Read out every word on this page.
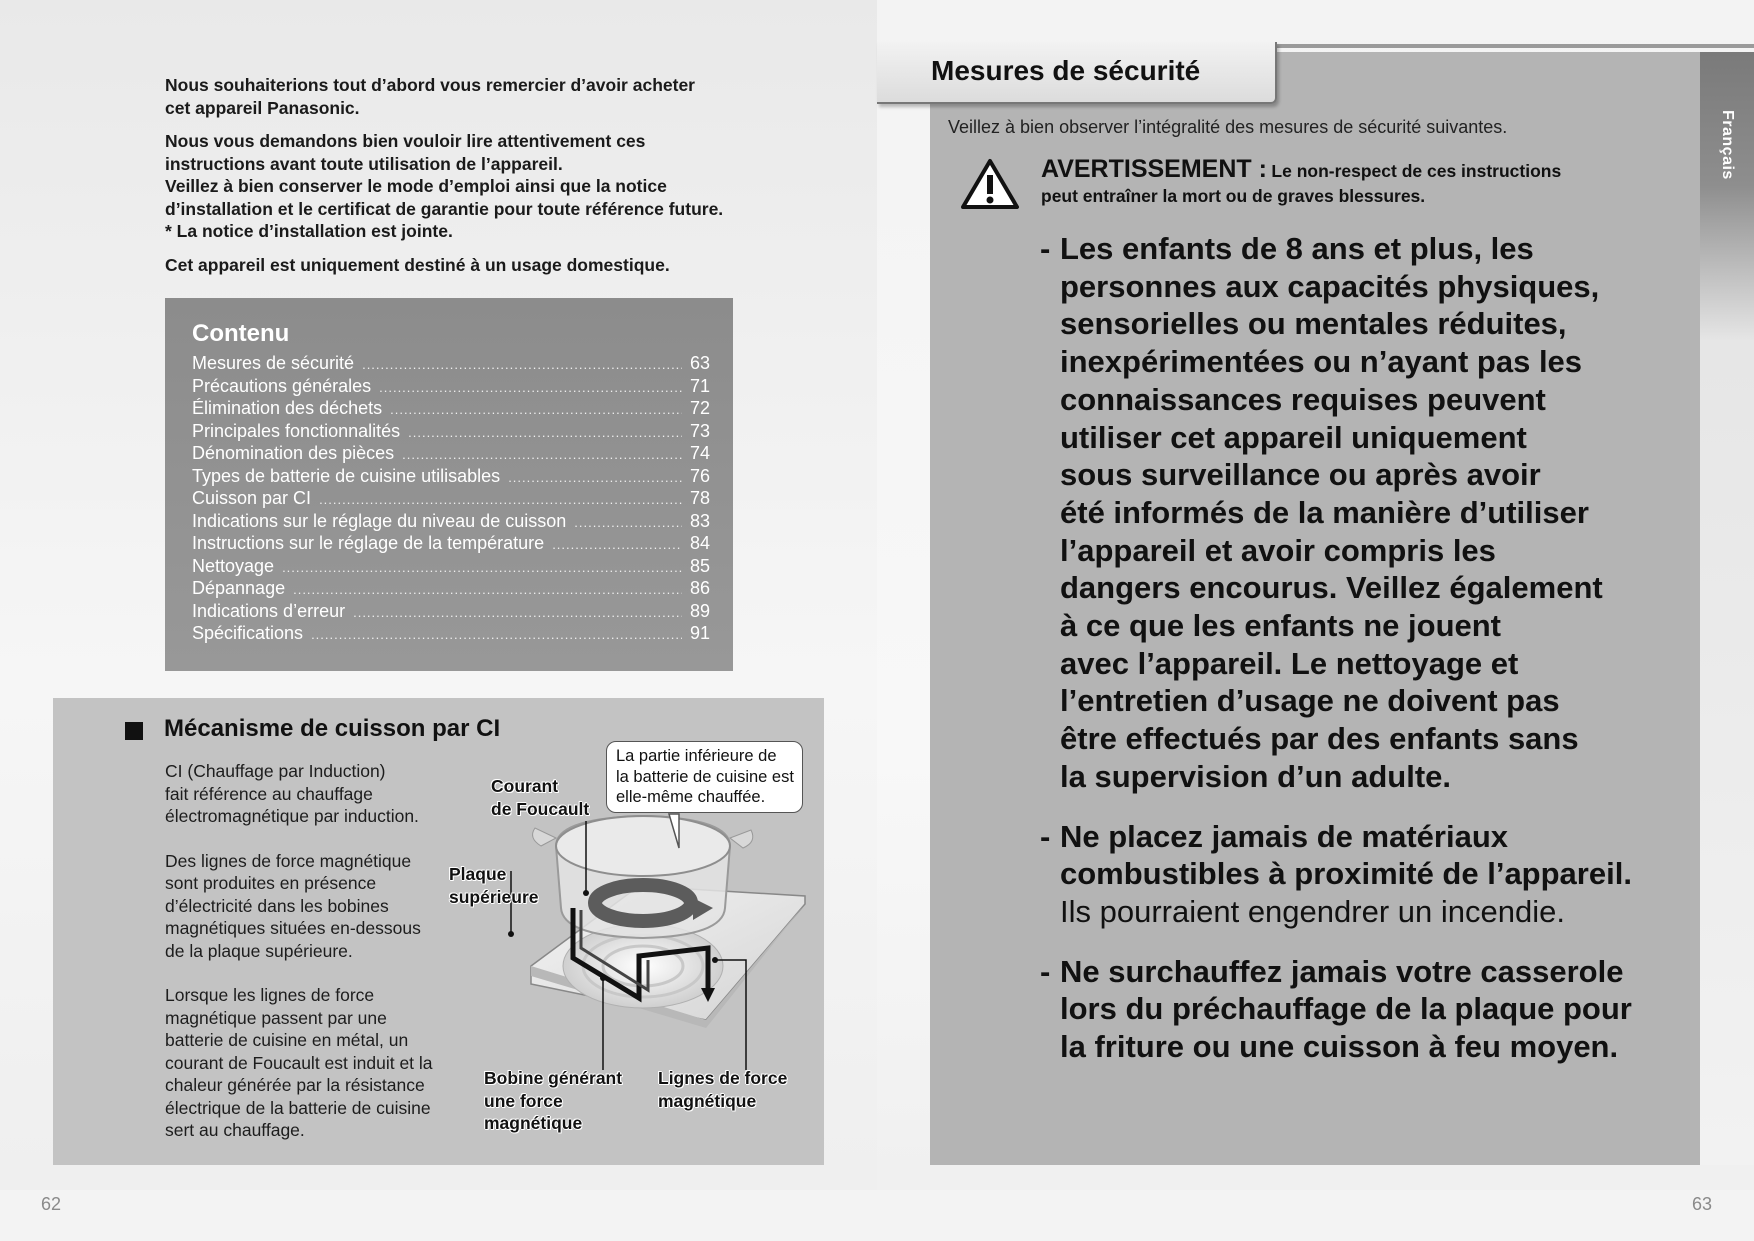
Nous souhaiterions tout d’abord vous remercier d’avoir acheter
cet appareil Panasonic.

Nous vous demandons bien vouloir lire attentivement ces
instructions avant toute utilisation de l’appareil.
Veillez à bien conserver le mode d’emploi ainsi que la notice
d’installation et le certificat de garantie pour toute référence future.
* La notice d’installation est jointe.

Cet appareil est uniquement destiné à un usage domestique.

Contenu
Mesures de sécurité .....	63
Précautions générales .....	71
Élimination des déchets .....	72
Principales fonctionnalités .....	73
Dénomination des pièces .....	74
Types de batterie de cuisine utilisables .....	76
Cuisson par CI .....	78
Indications sur le réglage du niveau de cuisson .....	83
Instructions sur le réglage de la température .....	84
Nettoyage .....	85
Dépannage .....	86
Indications d’erreur .....	89
Spécifications .....	91
Mécanisme de cuisson par CI
La partie inférieure de
la batterie de cuisine est
elle-même chauffée.

CI (Chauffage par Induction)
fait référence au chauffage
électromagnétique par induction.

Des lignes de force magnétique
sont produites en présence
d’électricité dans les bobines
magnétiques situées en-dessous
de la plaque supérieure.

Lorsque les lignes de force
magnétique passent par une
batterie de cuisine en métal, un
courant de Foucault est induit et la
chaleur générée par la résistance
électrique de la batterie de cuisine
sert au chauffage.

Courant
de Foucault
Plaque
supérieure
Bobine générant
une force
magnétique
Lignes de force
magnétique
62
Français
Mesures de sécurité
Veillez à bien observer l’intégralité des mesures de sécurité suivantes.
AVERTISSEMENT : Le non-respect de ces instructions
peut entraîner la mort ou de graves blessures.
- Les enfants de 8 ans et plus, les
personnes aux capacités physiques,
sensorielles ou mentales réduites,
inexpérimentées ou n’ayant pas les
connaissances requises peuvent
utiliser cet appareil uniquement
sous surveillance ou après avoir
été informés de la manière d’utiliser
l’appareil et avoir compris les
dangers encourus. Veillez également
à ce que les enfants ne jouent
avec l’appareil. Le nettoyage et
l’entretien d’usage ne doivent pas
être effectués par des enfants sans
la supervision d’un adulte.
- Ne placez jamais de matériaux
combustibles à proximité de l’appareil.
Ils pourraient engendrer un incendie.
- Ne surchauffez jamais votre casserole
lors du préchauffage de la plaque pour
la friture ou une cuisson à feu moyen.
63
